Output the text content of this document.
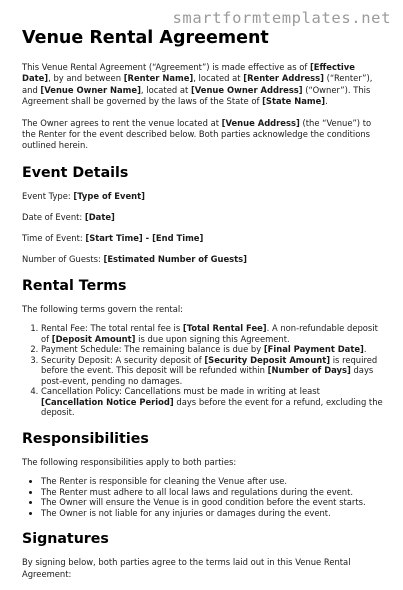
smartformtemplates.net
Venue Rental Agreement

This Venue Rental Agreement (“Agreement”) is made effective as of [Effective Date], by and between [Renter Name], located at [Renter Address] (“Renter”), and [Venue Owner Name], located at [Venue Owner Address] (“Owner”). This Agreement shall be governed by the laws of the State of [State Name].

The Owner agrees to rent the venue located at [Venue Address] (the “Venue”) to the Renter for the event described below. Both parties acknowledge the conditions outlined herein.

Event Details

Event Type: [Type of Event]

Date of Event: [Date]

Time of Event: [Start Time] - [End Time]

Number of Guests: [Estimated Number of Guests]

Rental Terms

The following terms govern the rental:

1. Rental Fee: The total rental fee is [Total Rental Fee]. A non-refundable deposit of [Deposit Amount] is due upon signing this Agreement.
2. Payment Schedule: The remaining balance is due by [Final Payment Date].
3. Security Deposit: A security deposit of [Security Deposit Amount] is required before the event. This deposit will be refunded within [Number of Days] days post-event, pending no damages.
4. Cancellation Policy: Cancellations must be made in writing at least [Cancellation Notice Period] days before the event for a refund, excluding the deposit.
Responsibilities

The following responsibilities apply to both parties:

• The Renter is responsible for cleaning the Venue after use.
• The Renter must adhere to all local laws and regulations during the event.
• The Owner will ensure the Venue is in good condition before the event starts.
• The Owner is not liable for any injuries or damages during the event.
Signatures

By signing below, both parties agree to the terms laid out in this Venue Rental Agreement:
